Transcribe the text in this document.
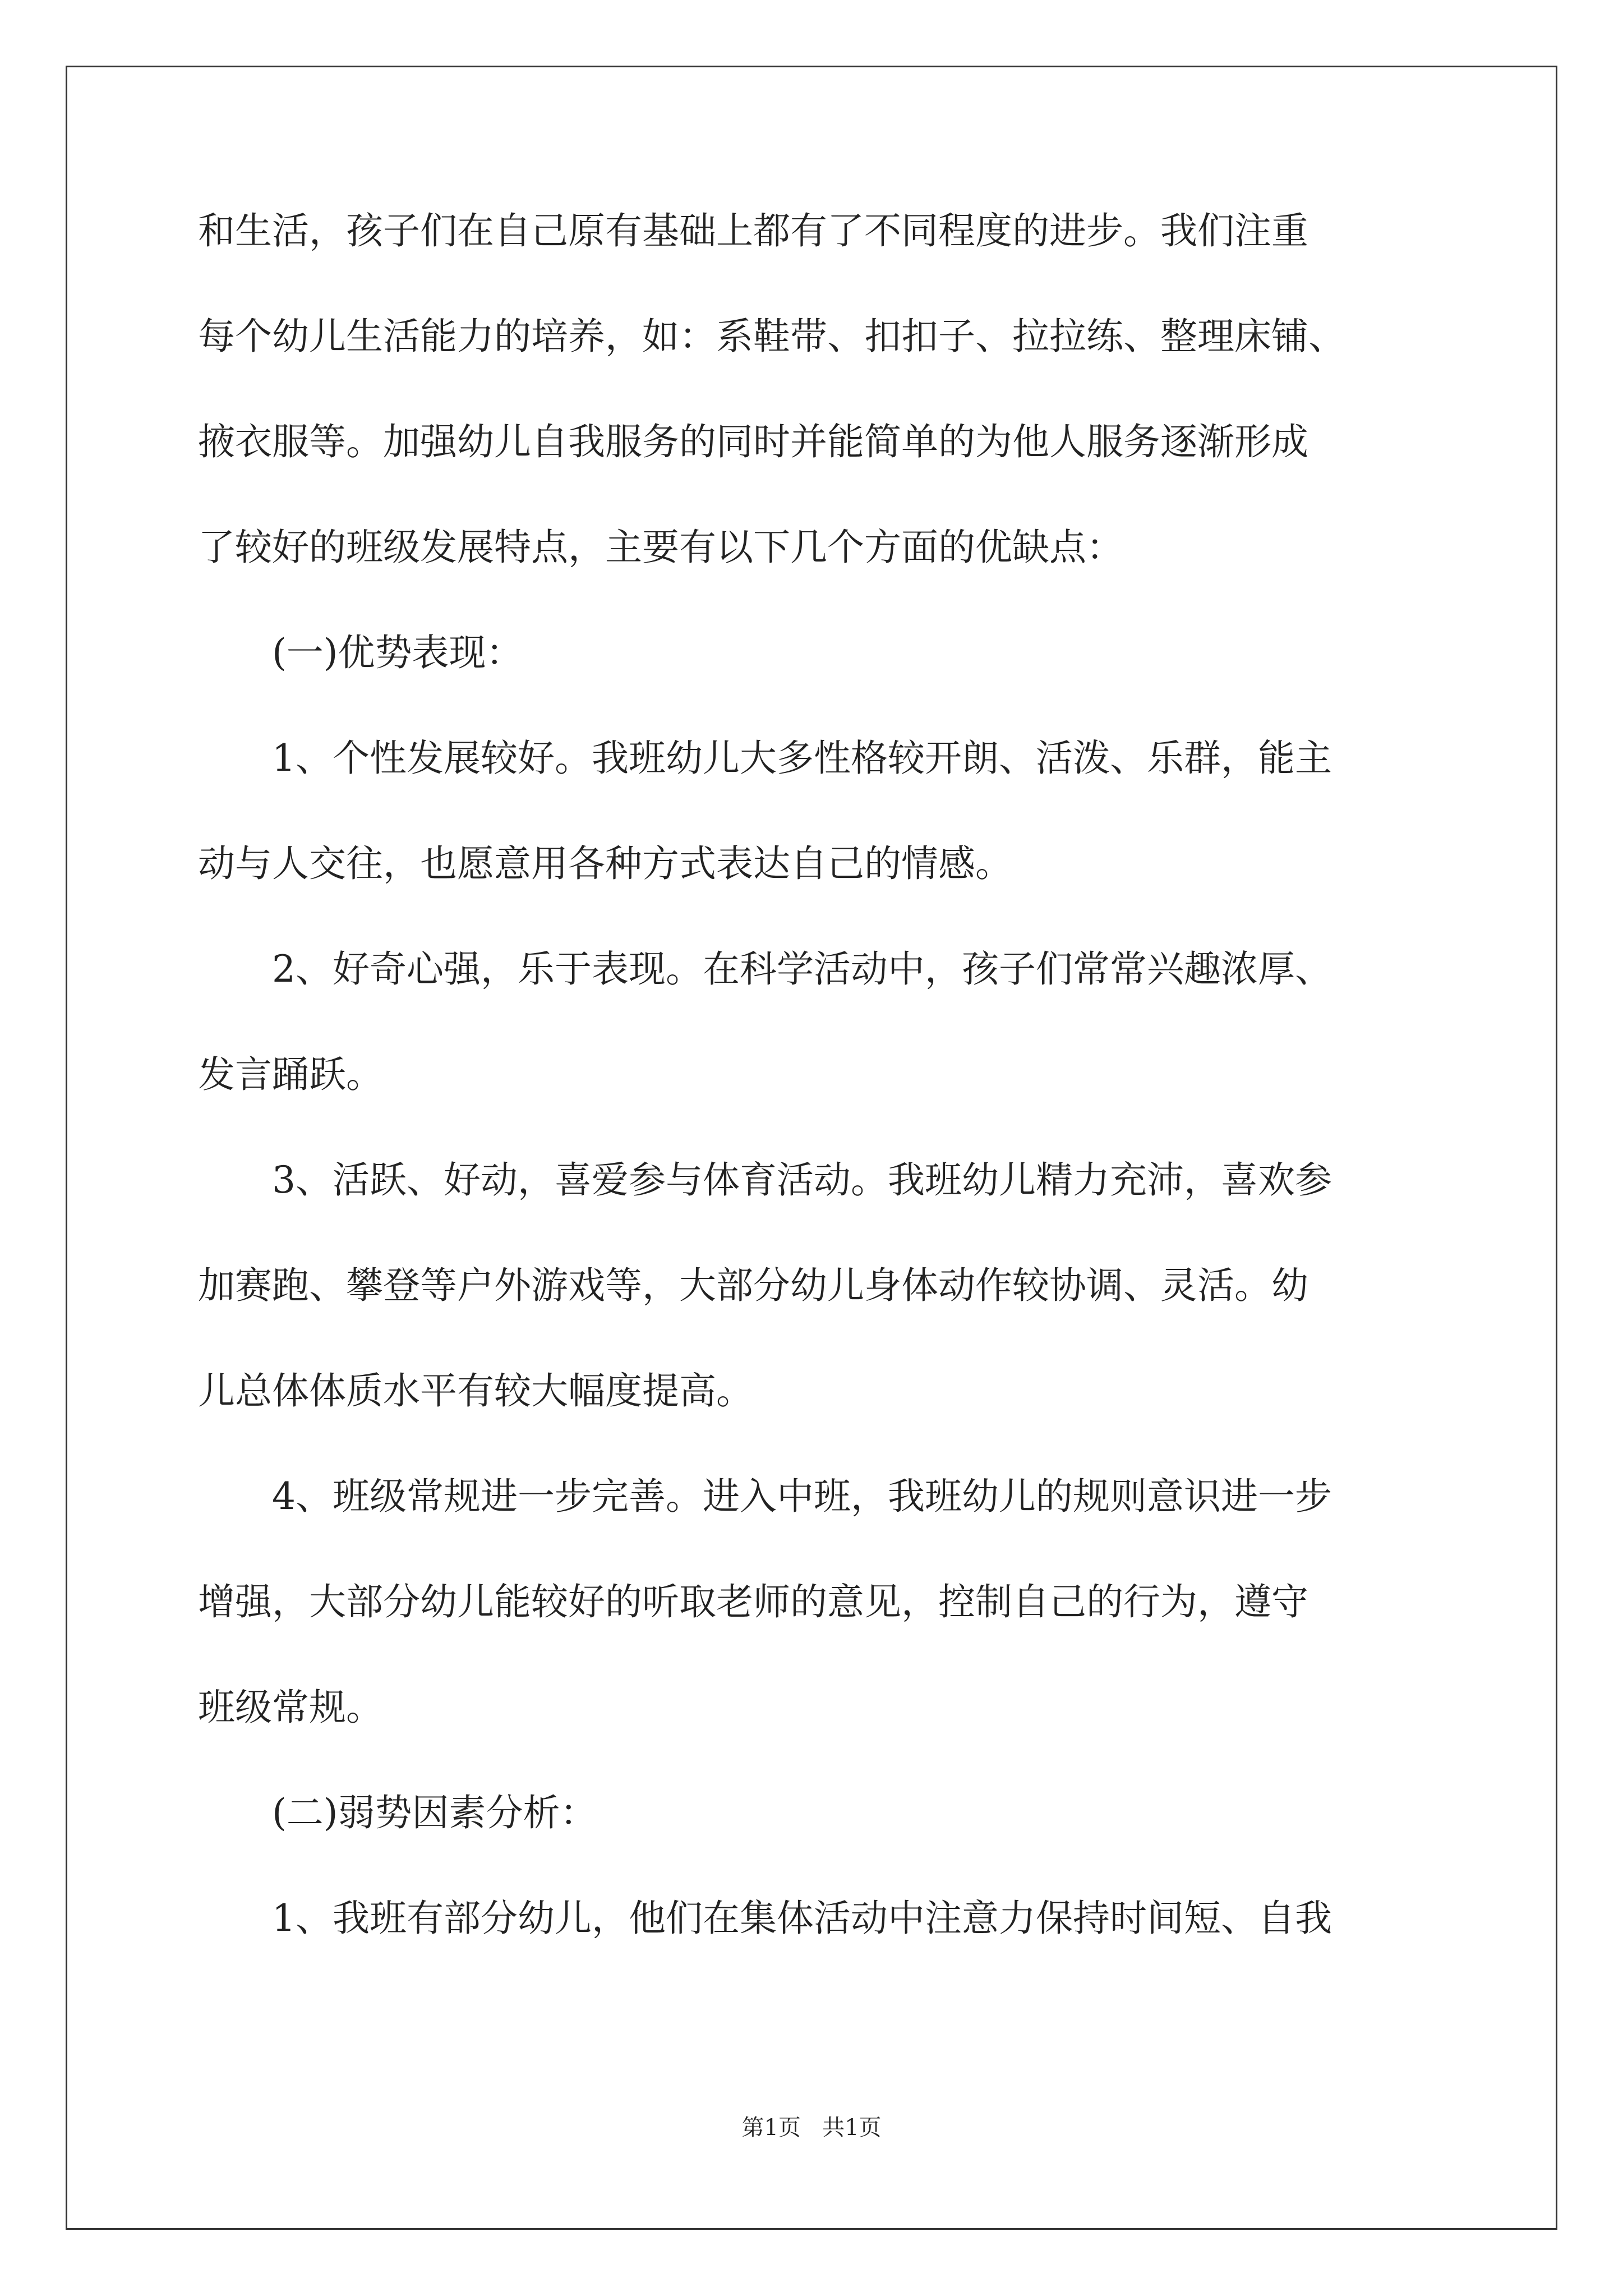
和生活，孩子们在自己原有基础上都有了不同程度的进步。我们注重
每个幼儿生活能力的培养，如：系鞋带、扣扣子、拉拉练、整理床铺、
掖衣服等。加强幼儿自我服务的同时并能简单的为他人服务逐渐形成
了较好的班级发展特点，主要有以下几个方面的优缺点：
(一)优势表现：
1、个性发展较好。我班幼儿大多性格较开朗、活泼、乐群，能主
动与人交往，也愿意用各种方式表达自己的情感。
2、好奇心强，乐于表现。在科学活动中，孩子们常常兴趣浓厚、
发言踊跃。
3、活跃、好动，喜爱参与体育活动。我班幼儿精力充沛，喜欢参
加赛跑、攀登等户外游戏等，大部分幼儿身体动作较协调、灵活。幼
儿总体体质水平有较大幅度提高。
4、班级常规进一步完善。进入中班，我班幼儿的规则意识进一步
增强，大部分幼儿能较好的听取老师的意见，控制自己的行为，遵守
班级常规。
(二)弱势因素分析：
1、我班有部分幼儿，他们在集体活动中注意力保持时间短、自我
第1页 共1页
